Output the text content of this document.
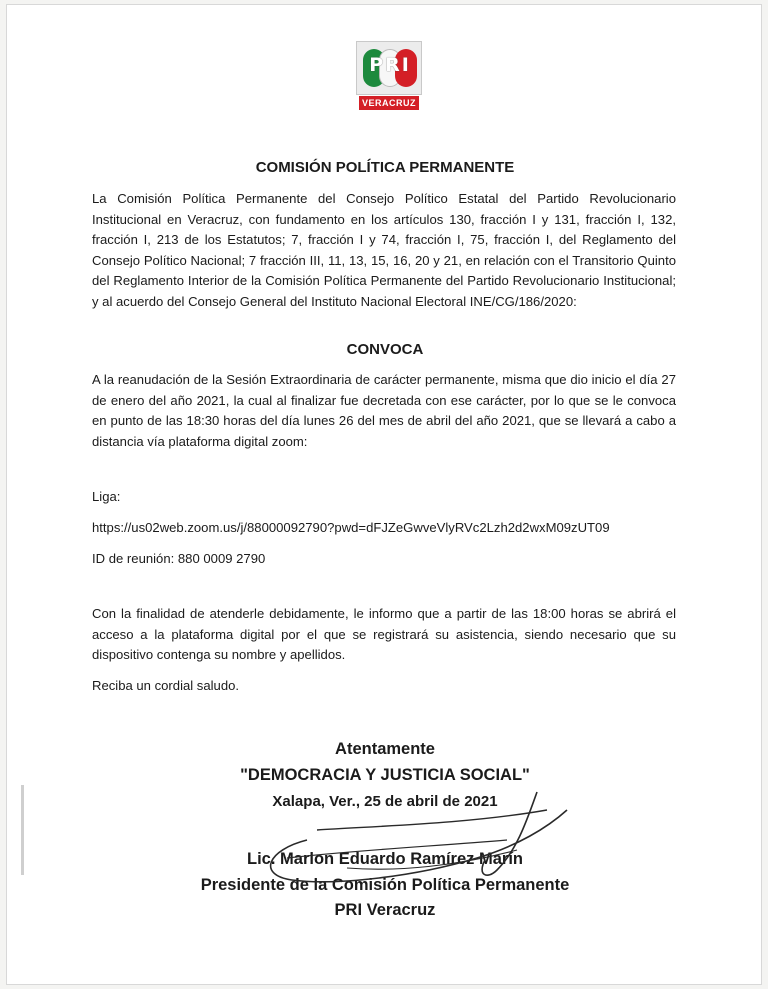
PRI
VERACRUZ
COMISIÓN POLÍTICA PERMANENTE

La Comisión Política Permanente del Consejo Político Estatal del Partido Revolucionario Institucional en Veracruz, con fundamento en los artículos 130, fracción I y 131, fracción I, 132, fracción I, 213 de los Estatutos; 7, fracción I y 74, fracción I, 75, fracción I, del Reglamento del Consejo Político Nacional; 7 fracción III, 11, 13, 15, 16, 20 y 21, en relación con el Transitorio Quinto del Reglamento Interior de la Comisión Política Permanente del Partido Revolucionario Institucional; y al acuerdo del Consejo General del Instituto Nacional Electoral INE/CG/186/2020:

CONVOCA

A la reanudación de la Sesión Extraordinaria de carácter permanente, misma que dio inicio el día 27 de enero del año 2021, la cual al finalizar fue decretada con ese carácter, por lo que se le convoca en punto de las 18:30 horas del día lunes 26 del mes de abril del año 2021, que se llevará a cabo a distancia vía plataforma digital zoom:

Liga:
https://us02web.zoom.us/j/88000092790?pwd=dFJZeGwveVlyRVc2Lzh2d2wxM09zUT09
ID de reunión: 880 0009 2790

Con la finalidad de atenderle debidamente, le informo que a partir de las 18:00 horas se abrirá el acceso a la plataforma digital por el que se registrará su asistencia, siendo necesario que su dispositivo contenga su nombre y apellidos.

Reciba un cordial saludo.
Atentamente
"DEMOCRACIA Y JUSTICIA SOCIAL"
Xalapa, Ver., 25 de abril de 2021
Lic. Marlon Eduardo Ramírez Marín
Presidente de la Comisión Política Permanente
PRI Veracruz
